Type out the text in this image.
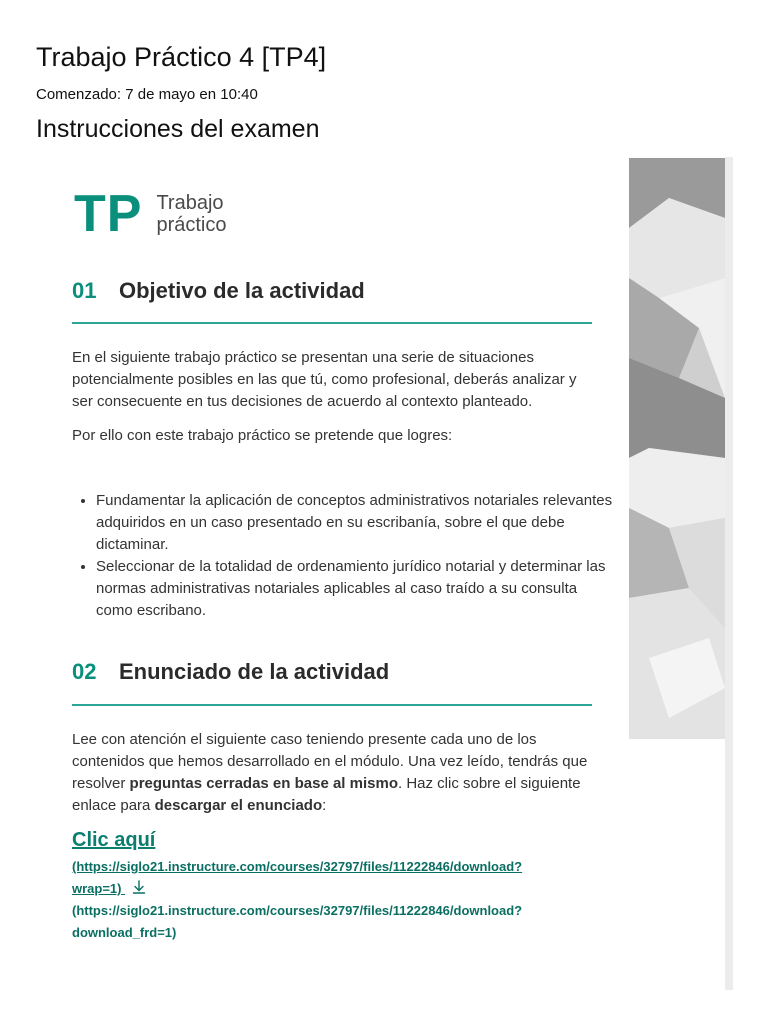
Trabajo Práctico 4 [TP4]
Comenzado: 7 de mayo en 10:40
Instrucciones del examen
TP Trabajo
práctico
01	Objetivo de la actividad

En el siguiente trabajo práctico se presentan una serie de situaciones potencialmente posibles en las que tú, como profesional, deberás analizar y ser consecuente en tus decisiones de acuerdo al contexto planteado.

Por ello con este trabajo práctico se pretende que logres:

• Fundamentar la aplicación de conceptos administrativos notariales relevantes adquiridos en un caso presentado en su escribanía, sobre el que debe dictaminar.
• Seleccionar de la totalidad de ordenamiento jurídico notarial y determinar las normas administrativas notariales aplicables al caso traído a su consulta como escribano.
02	Enunciado de la actividad

Lee con atención el siguiente caso teniendo presente cada uno de los contenidos que hemos desarrollado en el módulo. Una vez leído, tendrás que resolver preguntas cerradas en base al mismo. Haz clic sobre el siguiente enlace para descargar el enunciado:

Clic aquí
(https://siglo21.instructure.com/courses/32797/files/11222846/download?
wrap=1)
(https://siglo21.instructure.com/courses/32797/files/11222846/download?
download_frd=1)
